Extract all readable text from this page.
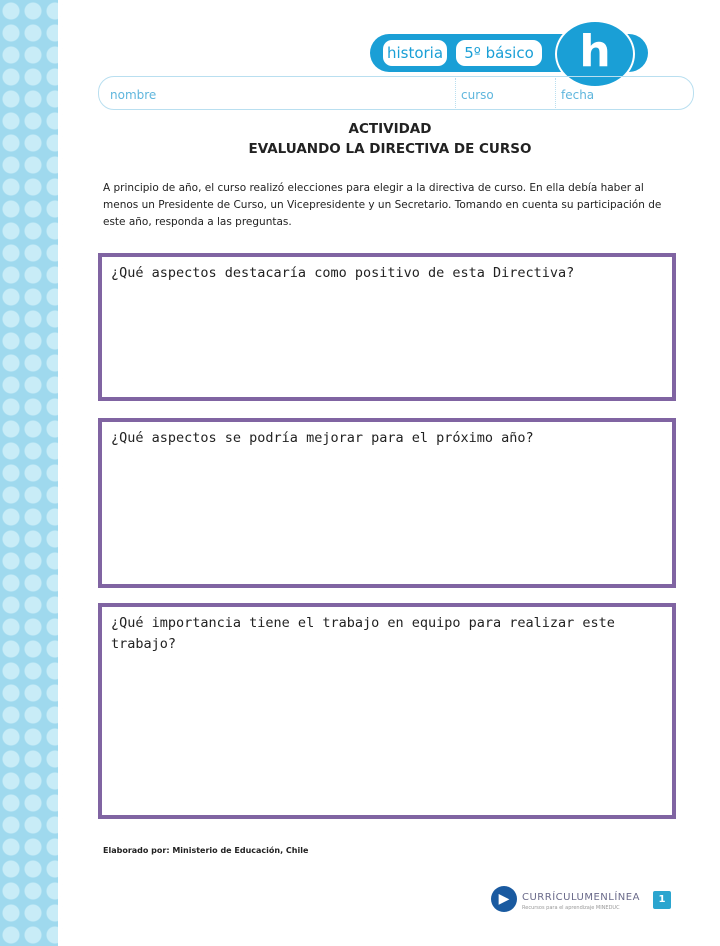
historia	5º básico	h
nombre	curso	fecha
ACTIVIDAD
EVALUANDO LA DIRECTIVA DE CURSO
A principio de año, el curso realizó elecciones para elegir a la directiva de curso. En ella debía haber al menos un Presidente de Curso, un Vicepresidente y un Secretario. Tomando en cuenta su participación de este año, responda a las preguntas.
¿Qué aspectos destacaría como positivo de esta Directiva?
¿Qué aspectos se podría mejorar para el próximo año?
¿Qué importancia tiene el trabajo en equipo para realizar este trabajo?
Elaborado por: Ministerio de Educación, Chile
▶	CURRÍCULUMENLÍNEA
Recursos para el aprendizaje MINEDUC
1
